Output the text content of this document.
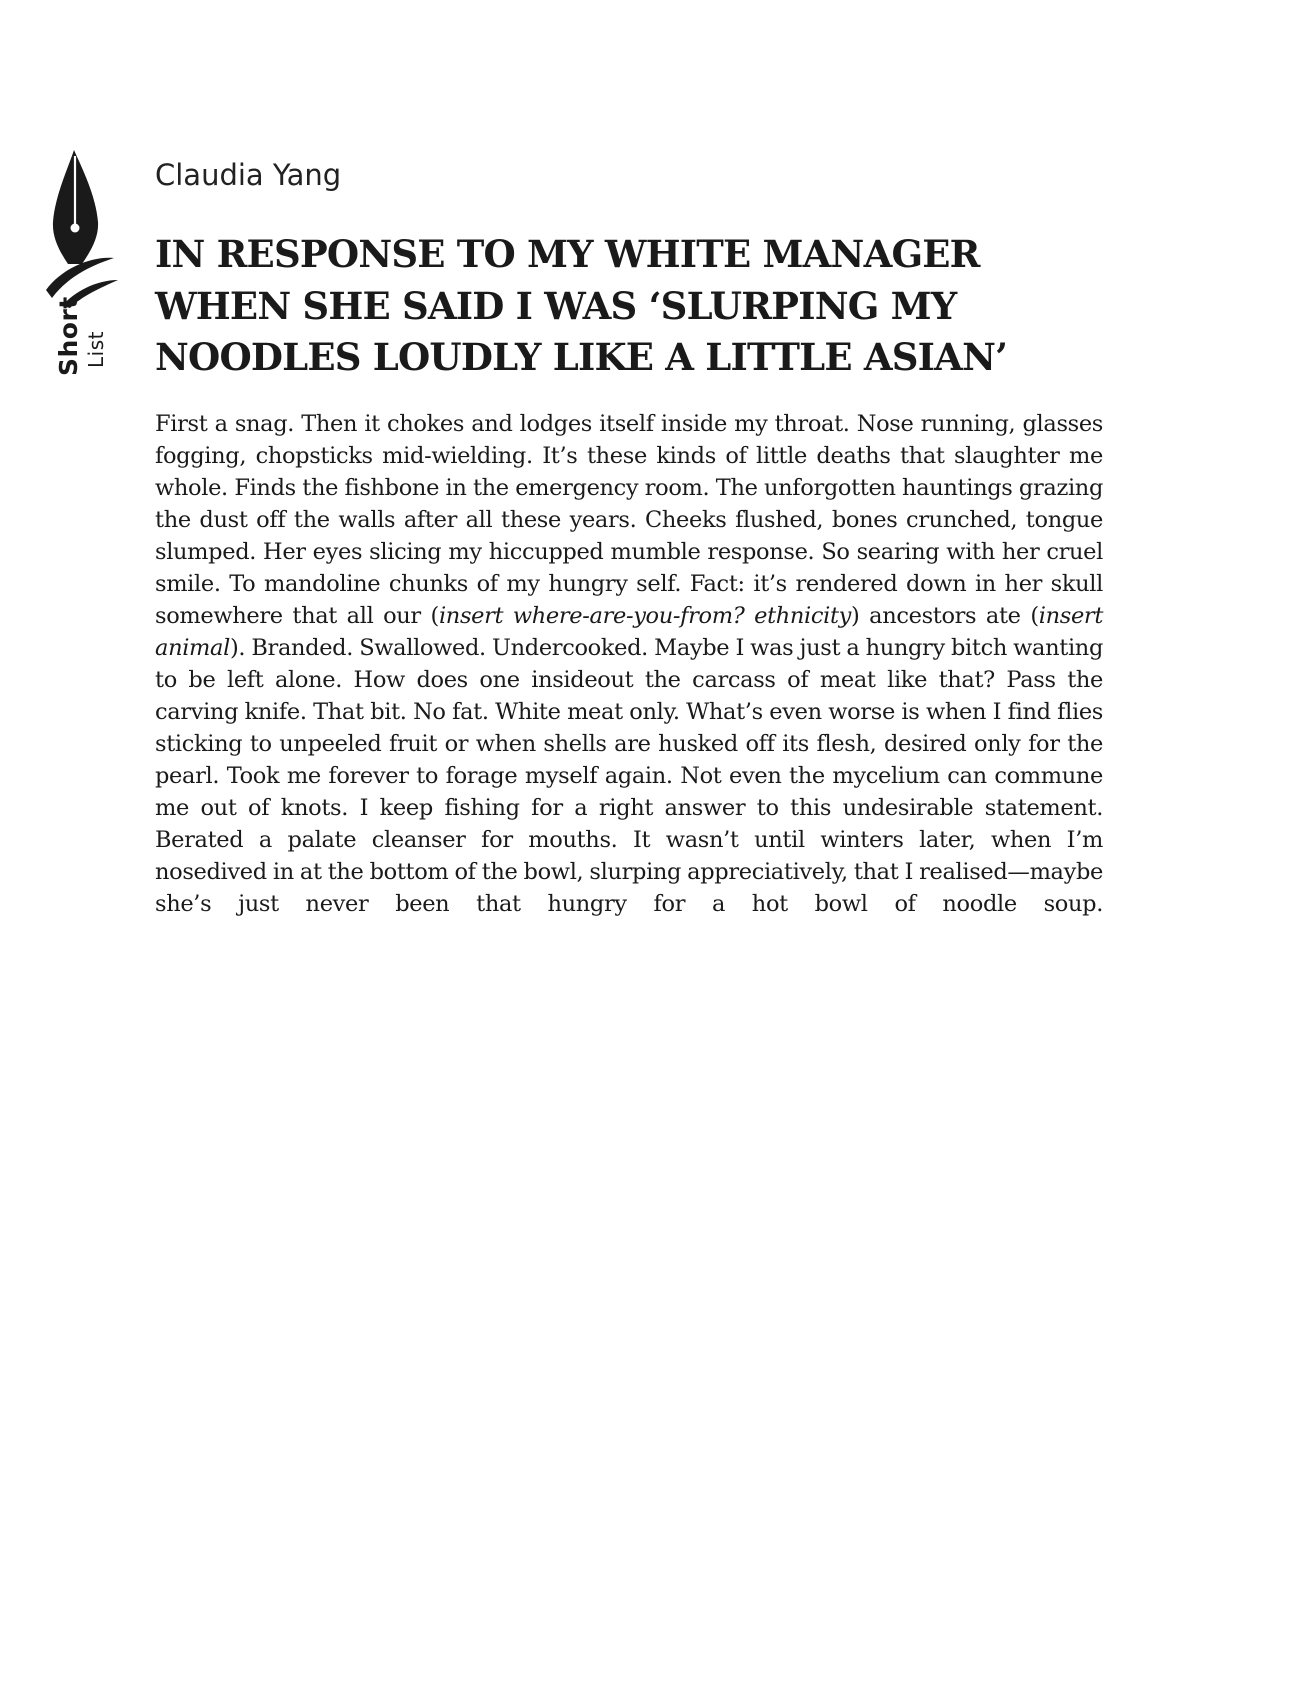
Short List

Claudia Yang

IN RESPONSE TO MY WHITE MANAGER
WHEN SHE SAID I WAS ‘SLURPING MY
NOODLES LOUDLY LIKE A LITTLE ASIAN’

First a snag. Then it chokes and lodges itself inside my throat. Nose running, glasses fogging, chopsticks mid-wielding. It’s these kinds of little deaths that slaughter me whole. Finds the fishbone in the emergency room. The unforgotten hauntings grazing the dust off the walls after all these years. Cheeks flushed, bones crunched, tongue slumped. Her eyes slicing my hiccupped mumble response. So searing with her cruel smile. To mandoline chunks of my hungry self. Fact: it’s rendered down in her skull somewhere that all our (insert where-are-you-from? ethnicity) ancestors ate (insert animal). Branded. Swallowed. Undercooked. Maybe I was just a hungry bitch wanting to be left alone. How does one insideout the carcass of meat like that? Pass the carving knife. That bit. No fat. White meat only. What’s even worse is when I find flies sticking to unpeeled fruit or when shells are husked off its flesh, desired only for the pearl. Took me forever to forage myself again. Not even the mycelium can commune me out of knots. I keep fishing for a right answer to this undesirable statement. Berated a palate cleanser for mouths. It wasn’t until winters later, when I’m nosedived in at the bottom of the bowl, slurping appreciatively, that I realised—maybe she’s just never been that hungry for a hot bowl of noodle soup.
